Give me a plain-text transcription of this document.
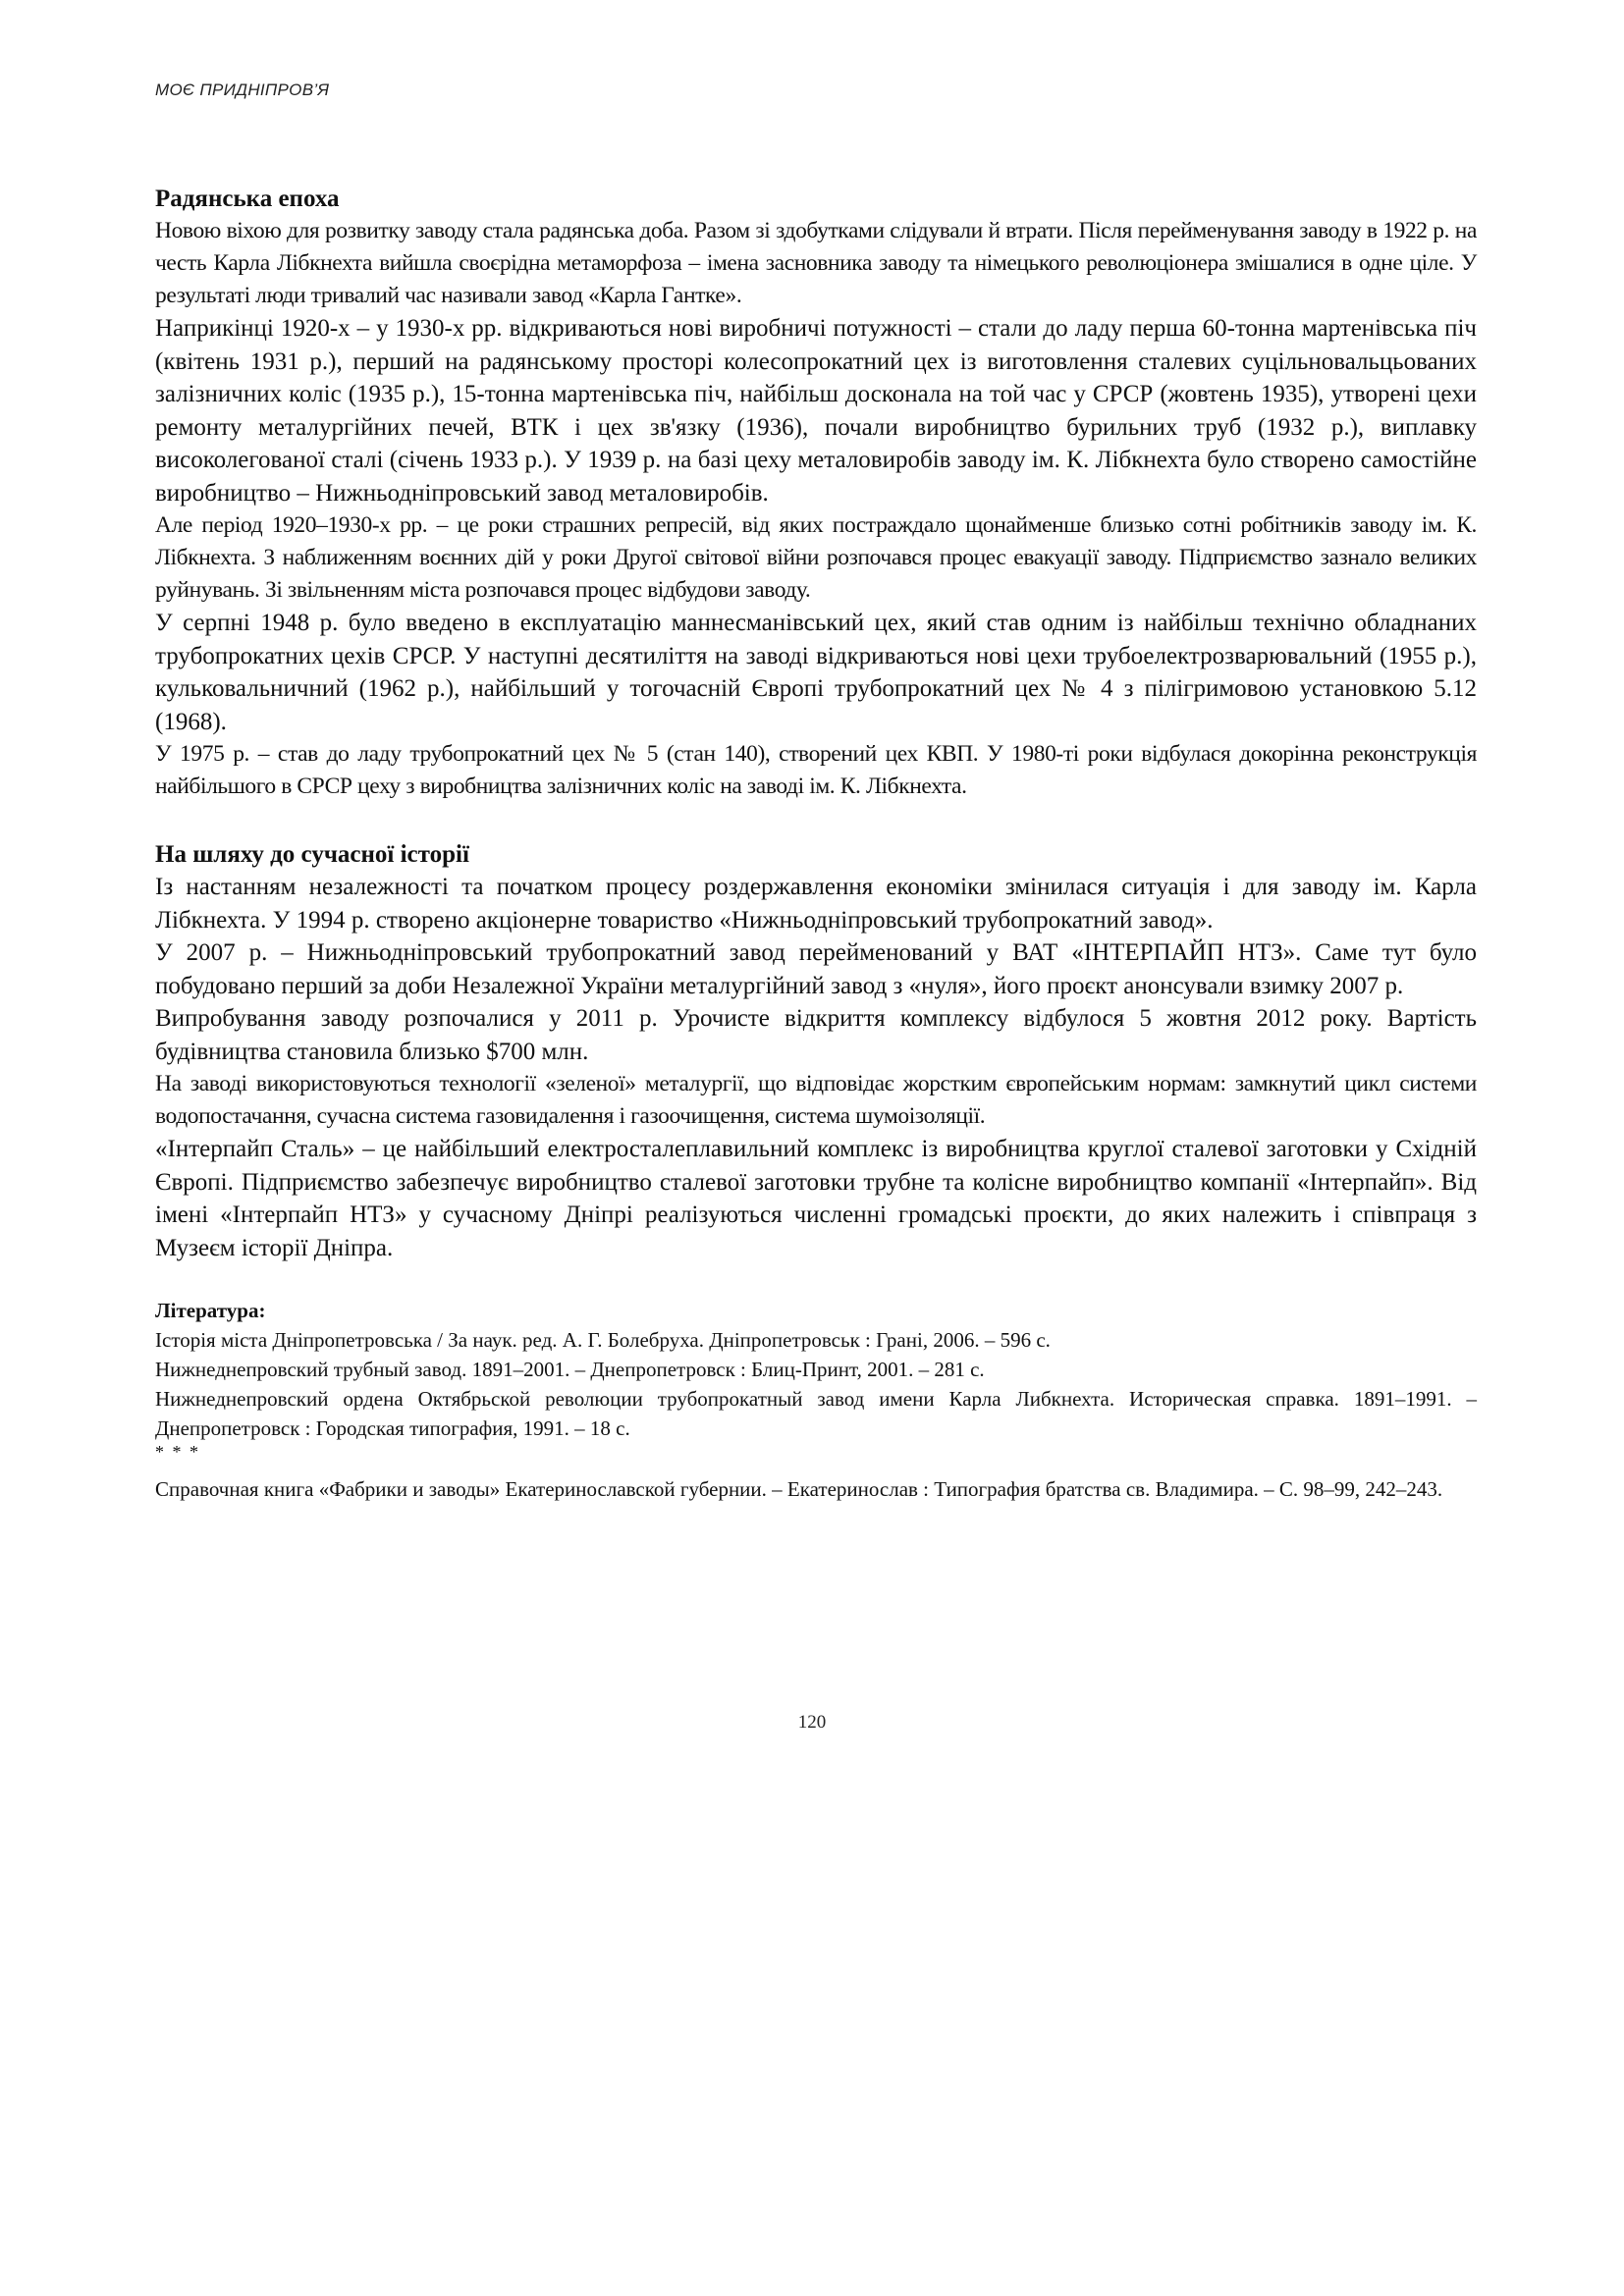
МОЄ ПРИДНІПРОВ’Я
Радянська епоха

Новою віхою для розвитку заводу стала радянська доба. Разом зі здобутками слідували й втрати. Після перейменування заводу в 1922 р. на честь Карла Лібкнехта вийшла своєрідна метаморфоза – імена засновника заводу та німецького революціонера змішалися в одне ціле. У результаті люди тривалий час називали завод «Карла Гантке».

Наприкінці 1920-х – у 1930-х рр. відкриваються нові виробничі потужності – стали до ладу перша 60-тонна мартенівська піч (квітень 1931 р.), перший на радянському просторі колесопрокатний цех із виготовлення сталевих суцільновальцьованих залізничних коліс (1935 р.), 15-тонна мартенівська піч, найбільш досконала на той час у СРСР (жовтень 1935), утворені цехи ремонту металургійних печей, ВТК і цех зв'язку (1936), почали виробництво бурильних труб (1932 р.), виплавку високолегованої сталі (січень 1933 р.). У 1939 р. на базі цеху металовиробів заводу ім. К. Лібкнехта було створено самостійне виробництво – Нижньодніпровський завод металовиробів.

Але період 1920–1930-х рр. – це роки страшних репресій, від яких постраждало щонайменше близько сотні робітників заводу ім. К. Лібкнехта. З наближенням воєнних дій у роки Другої світової війни розпочався процес евакуації заводу. Підприємство зазнало великих руйнувань. Зі звільненням міста розпочався процес відбудови заводу.

У серпні 1948 р. було введено в експлуатацію маннесманівський цех, який став одним із найбільш технічно обладнаних трубопрокатних цехів СРСР. У наступні десятиліття на заводі відкриваються нові цехи трубоелектрозварювальний (1955 р.), кульковальничний (1962 р.), найбільший у тогочасній Європі трубопрокатний цех № 4 з пілігримовою установкою 5.12 (1968).

У 1975 р. – став до ладу трубопрокатний цех № 5 (стан 140), створений цех КВП. У 1980-ті роки відбулася докорінна реконструкція найбільшого в СРСР цеху з виробництва залізничних коліс на заводі ім. К. Лібкнехта.

На шляху до сучасної історії

Із настанням незалежності та початком процесу роздержавлення економіки змінилася ситуація і для заводу ім. Карла Лібкнехта. У 1994 р. створено акціонерне товариство «Нижньодніпровський трубопрокатний завод».

У 2007 р. – Нижньодніпровський трубопрокатний завод перейменований у ВАТ «ІНТЕРПАЙП НТЗ». Саме тут було побудовано перший за доби Незалежної України металургійний завод з «нуля», його проєкт анонсували взимку 2007 р.

Випробування заводу розпочалися у 2011 р. Урочисте відкриття комплексу відбулося 5 жовтня 2012 року. Вартість будівництва становила близько $700 млн.

На заводі використовуються технології «зеленої» металургії, що відповідає жорстким європейським нормам: замкнутий цикл системи водопостачання, сучасна система газовидалення і газоочищення, система шумоізоляції.

«Інтерпайп Сталь» – це найбільший електросталеплавильний комплекс із виробництва круглої сталевої заготовки у Східній Європі. Підприємство забезпечує виробництво сталевої заготовки трубне та колісне виробництво компанії «Інтерпайп». Від імені «Інтерпайп НТЗ» у сучасному Дніпрі реалізуються численні громадські проєкти, до яких належить і співпраця з Музеєм історії Дніпра.

Література:

Історія міста Дніпропетровська / За наук. ред. А. Г. Болебруха. Дніпропетровськ : Грані, 2006. – 596 с.

Нижнеднепровский трубный завод. 1891–2001. – Днепропетровск : Блиц-Принт, 2001. – 281 с.

Нижнеднепровский ордена Октябрьской революции трубопрокатный завод имени Карла Либкнехта. Историческая справка. 1891–1991. – Днепропетровск : Городская типография, 1991. – 18 с.

* * *

Справочная книга «Фабрики и заводы» Екатеринославской губернии. – Екатеринослав : Типография братства св. Владимира. – С. 98–99, 242–243.

120
